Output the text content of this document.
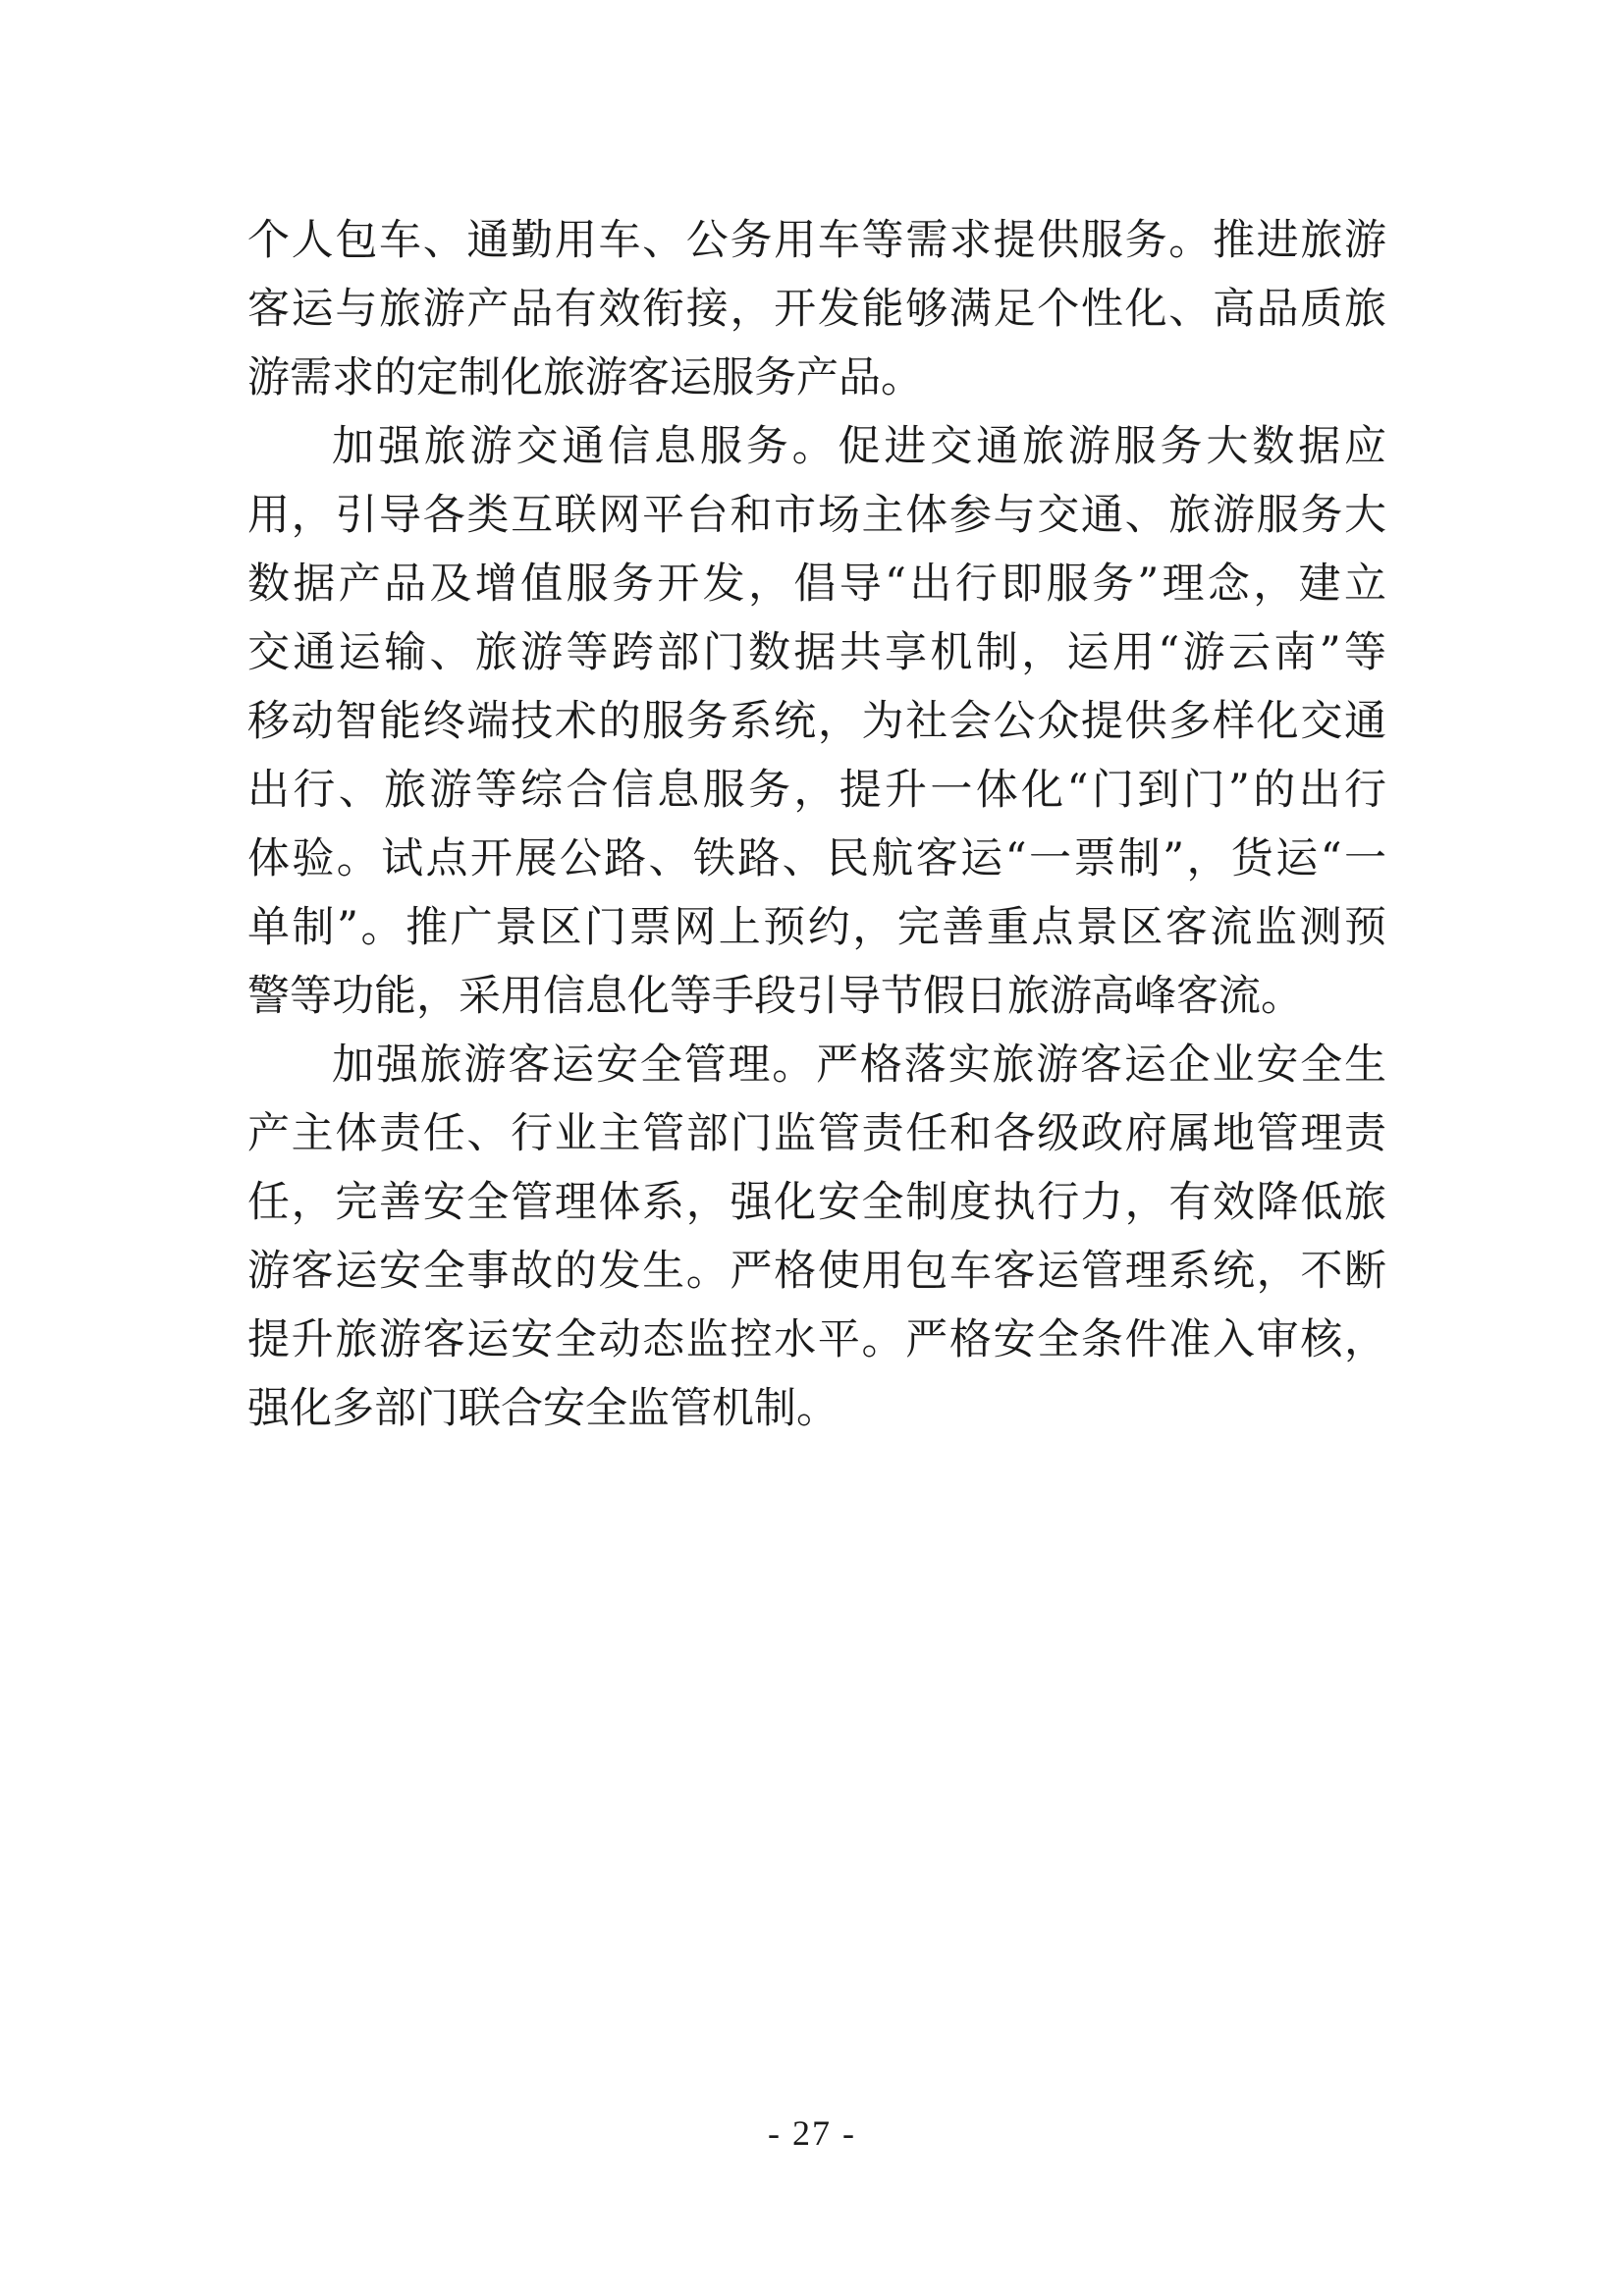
个人包车、通勤用车、公务用车等需求提供服务。推进旅游
客运与旅游产品有效衔接，开发能够满足个性化、高品质旅
游需求的定制化旅游客运服务产品。
加强旅游交通信息服务。促进交通旅游服务大数据应
用，引导各类互联网平台和市场主体参与交通、旅游服务大
数据产品及增值服务开发，倡导“出行即服务”理念，建立
交通运输、旅游等跨部门数据共享机制，运用“游云南”等
移动智能终端技术的服务系统，为社会公众提供多样化交通
出行、旅游等综合信息服务，提升一体化“门到门”的出行
体验。试点开展公路、铁路、民航客运“一票制”，货运“一
单制”。推广景区门票网上预约，完善重点景区客流监测预
警等功能，采用信息化等手段引导节假日旅游高峰客流。
加强旅游客运安全管理。严格落实旅游客运企业安全生
产主体责任、行业主管部门监管责任和各级政府属地管理责
任，完善安全管理体系，强化安全制度执行力，有效降低旅
游客运安全事故的发生。严格使用包车客运管理系统，不断
提升旅游客运安全动态监控水平。严格安全条件准入审核，
强化多部门联合安全监管机制。
- 27 -
